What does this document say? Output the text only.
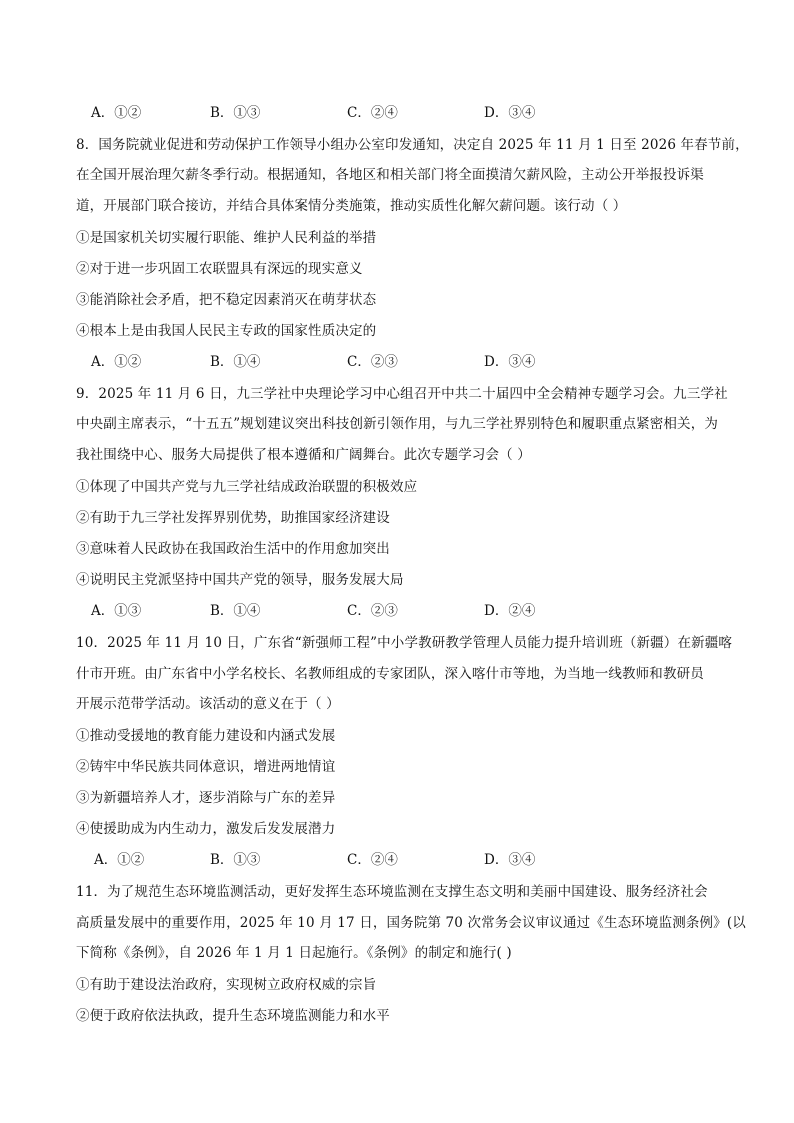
A．①②	B．①③	C．②④	D．③④
8．国务院就业促进和劳动保护工作领导小组办公室印发通知，决定自 2025 年 11 月 1 日至 2026 年春节前，
在全国开展治理欠薪冬季行动。根据通知，各地区和相关部门将全面摸清欠薪风险，主动公开举报投诉渠
道，开展部门联合接访，并结合具体案情分类施策，推动实质性化解欠薪问题。该行动（ ）
①是国家机关切实履行职能、维护人民利益的举措
②对于进一步巩固工农联盟具有深远的现实意义
③能消除社会矛盾，把不稳定因素消灭在萌芽状态
④根本上是由我国人民民主专政的国家性质决定的
A．①②	B．①④	C．②③	D．③④
9．2025 年 11 月 6 日，九三学社中央理论学习中心组召开中共二十届四中全会精神专题学习会。九三学社
中央副主席表示，“十五五”规划建议突出科技创新引领作用，与九三学社界别特色和履职重点紧密相关，为
我社围绕中心、服务大局提供了根本遵循和广阔舞台。此次专题学习会（ ）
①体现了中国共产党与九三学社结成政治联盟的积极效应
②有助于九三学社发挥界别优势，助推国家经济建设
③意味着人民政协在我国政治生活中的作用愈加突出
④说明民主党派坚持中国共产党的领导，服务发展大局
A．①③	B．①④	C．②③	D．②④
10．2025 年 11 月 10 日，广东省“新强师工程”中小学教研教学管理人员能力提升培训班（新疆）在新疆喀
什市开班。由广东省中小学名校长、名教师组成的专家团队，深入喀什市等地，为当地一线教师和教研员
开展示范带学活动。该活动的意义在于（ ）
①推动受援地的教育能力建设和内涵式发展
②铸牢中华民族共同体意识，增进两地情谊
③为新疆培养人才，逐步消除与广东的差异
④使援助成为内生动力，激发后发发展潜力
A．①②	B．①③	C．②④	D．③④
11．为了规范生态环境监测活动，更好发挥生态环境监测在支撑生态文明和美丽中国建设、服务经济社会
高质量发展中的重要作用，2025 年 10 月 17 日，国务院第 70 次常务会议审议通过《生态环境监测条例》(以
下简称《条例》，自 2026 年 1 月 1 日起施行。《条例》的制定和施行( )
①有助于建设法治政府，实现树立政府权威的宗旨
②便于政府依法执政，提升生态环境监测能力和水平
